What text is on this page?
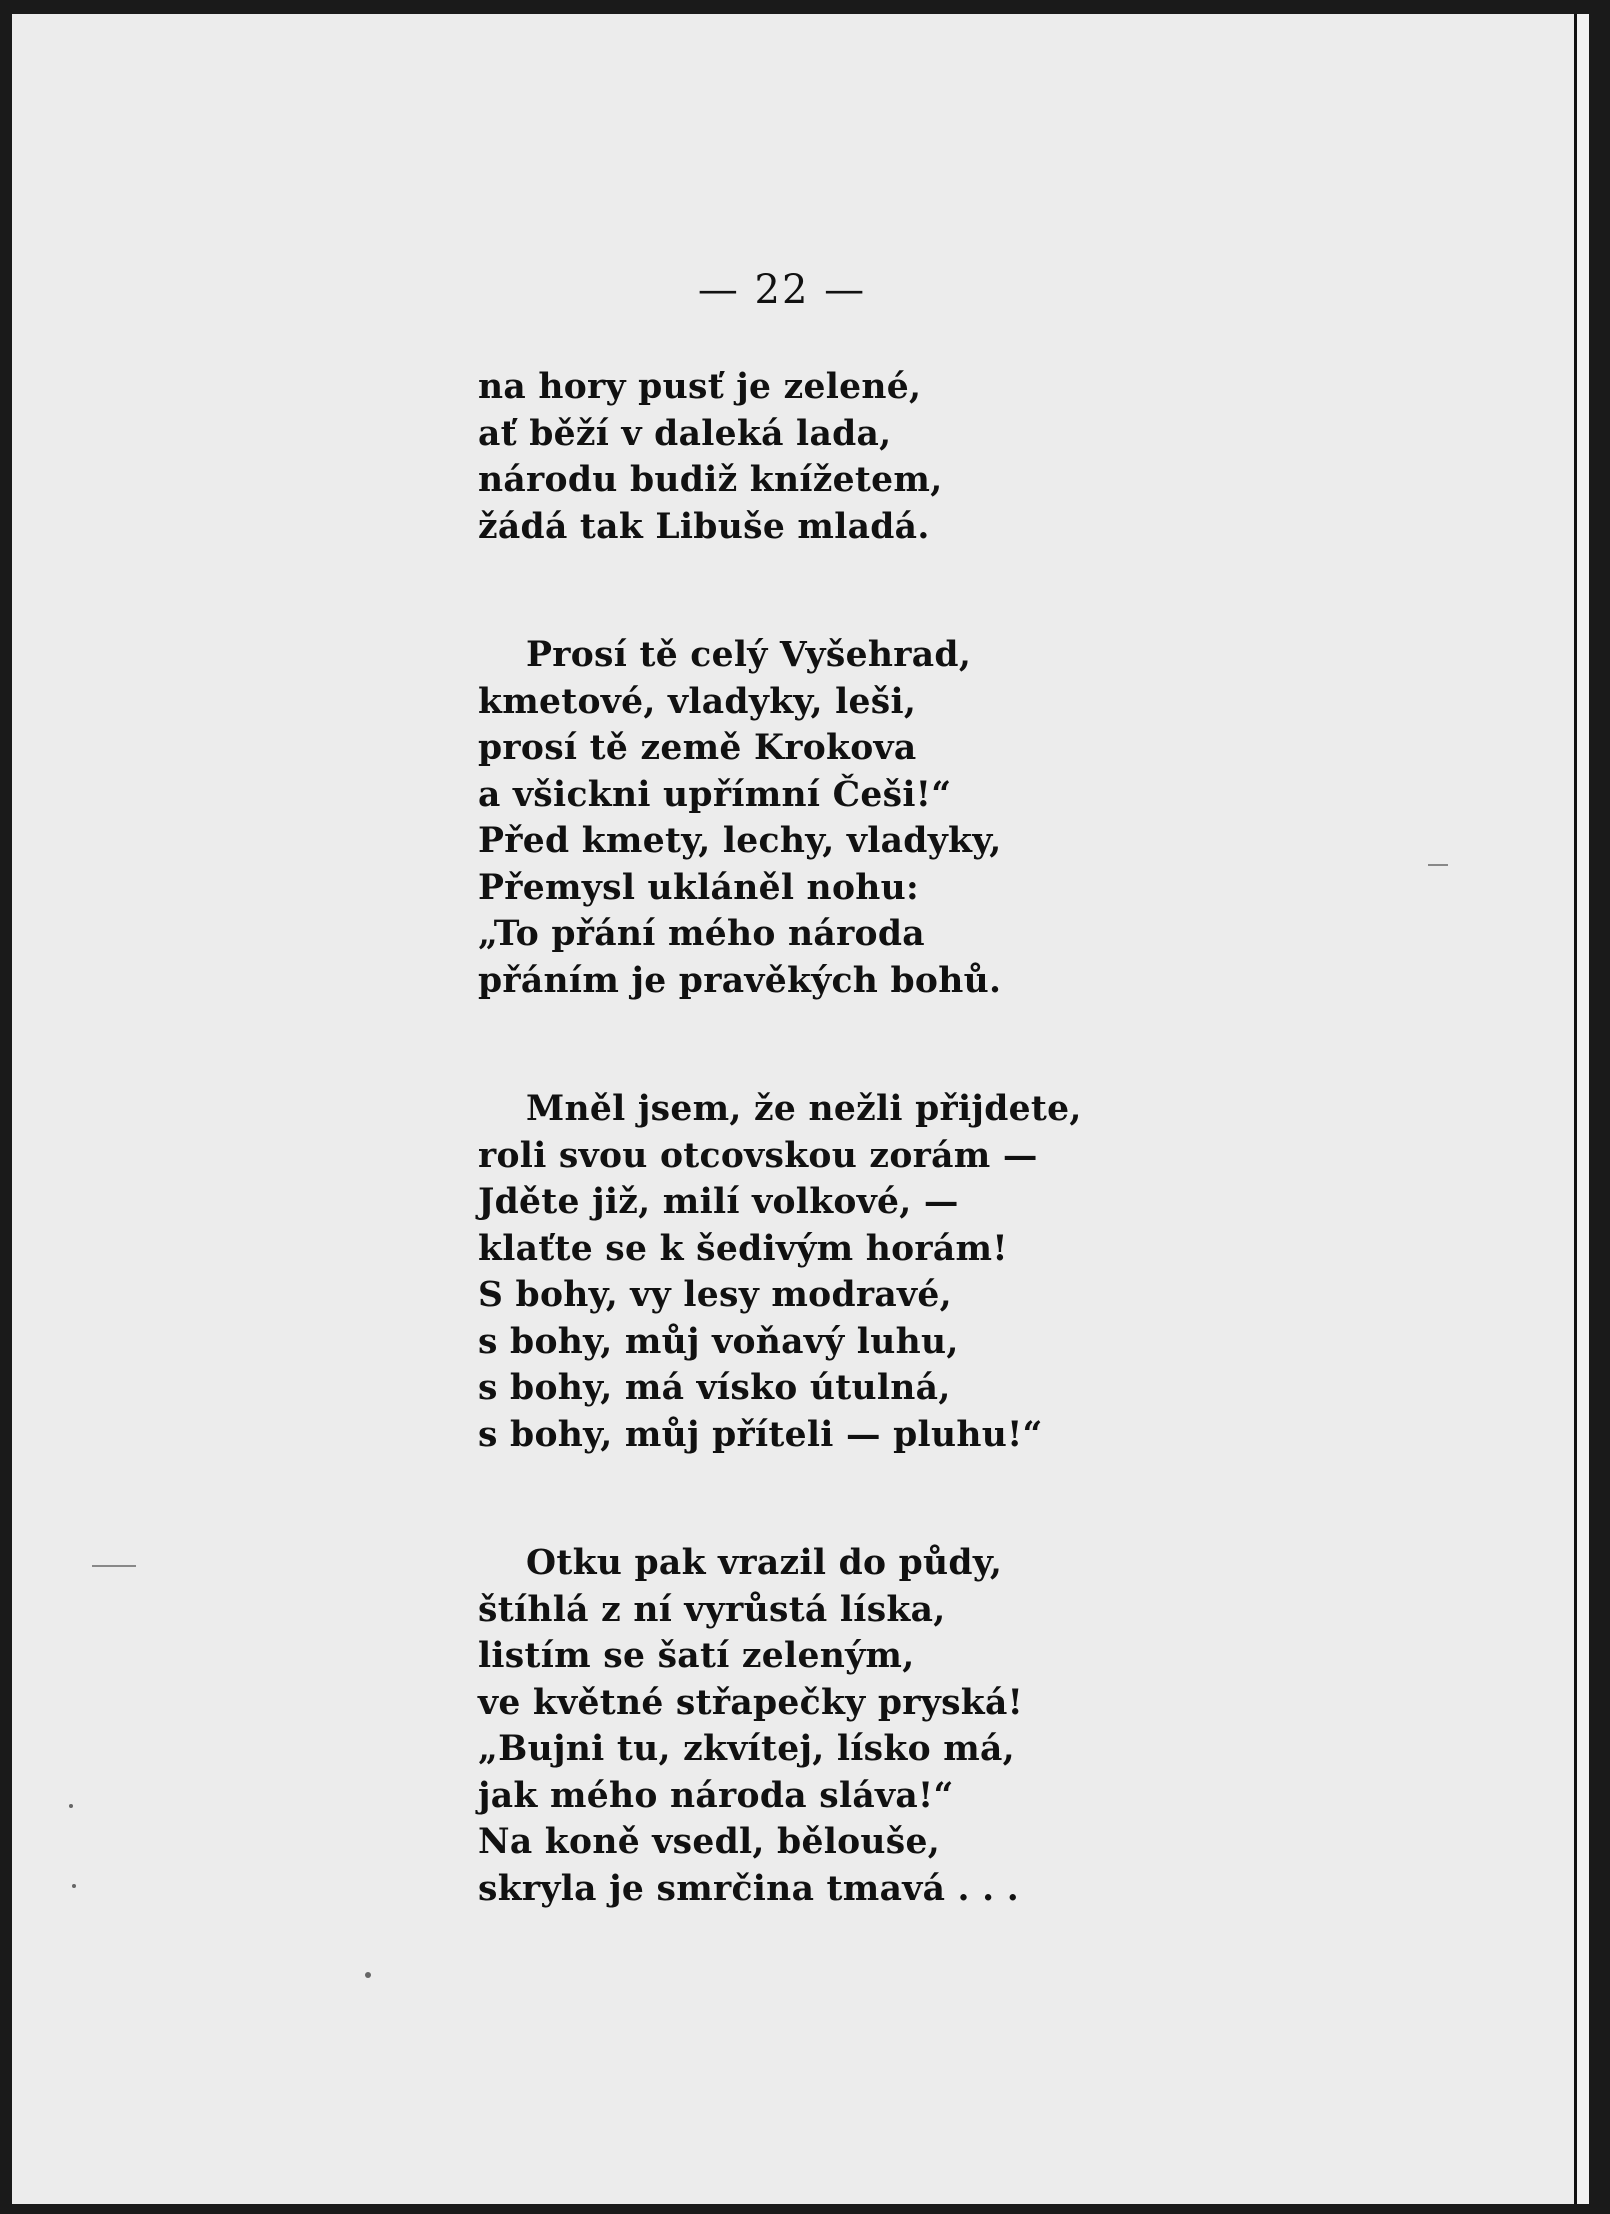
— 22 —
na hory pusť je zelené,
ať běží v daleká lada,
národu budiž knížetem,
žádá tak Libuše mladá.
Prosí tě celý Vyšehrad,
kmetové, vladyky, leši,
prosí tě země Krokova
a všickni upřímní Češi!“
Před kmety, lechy, vladyky,
Přemysl ukláněl nohu:
„To přání mého národa
přáním je pravěkých bohů.
Mněl jsem, že nežli přijdete,
roli svou otcovskou zorám —
Jděte již, milí volkové, —
klaťte se k šedivým horám!
S bohy, vy lesy modravé,
s bohy, můj voňavý luhu,
s bohy, má vísko útulná,
s bohy, můj příteli — pluhu!“
Otku pak vrazil do půdy,
štíhlá z ní vyrůstá líska,
listím se šatí zeleným,
ve květné střapečky pryská!
„Bujni tu, zkvítej, lísko má,
jak mého národa sláva!“
Na koně vsedl, bělouše,
skryla je smrčina tmavá . . .
